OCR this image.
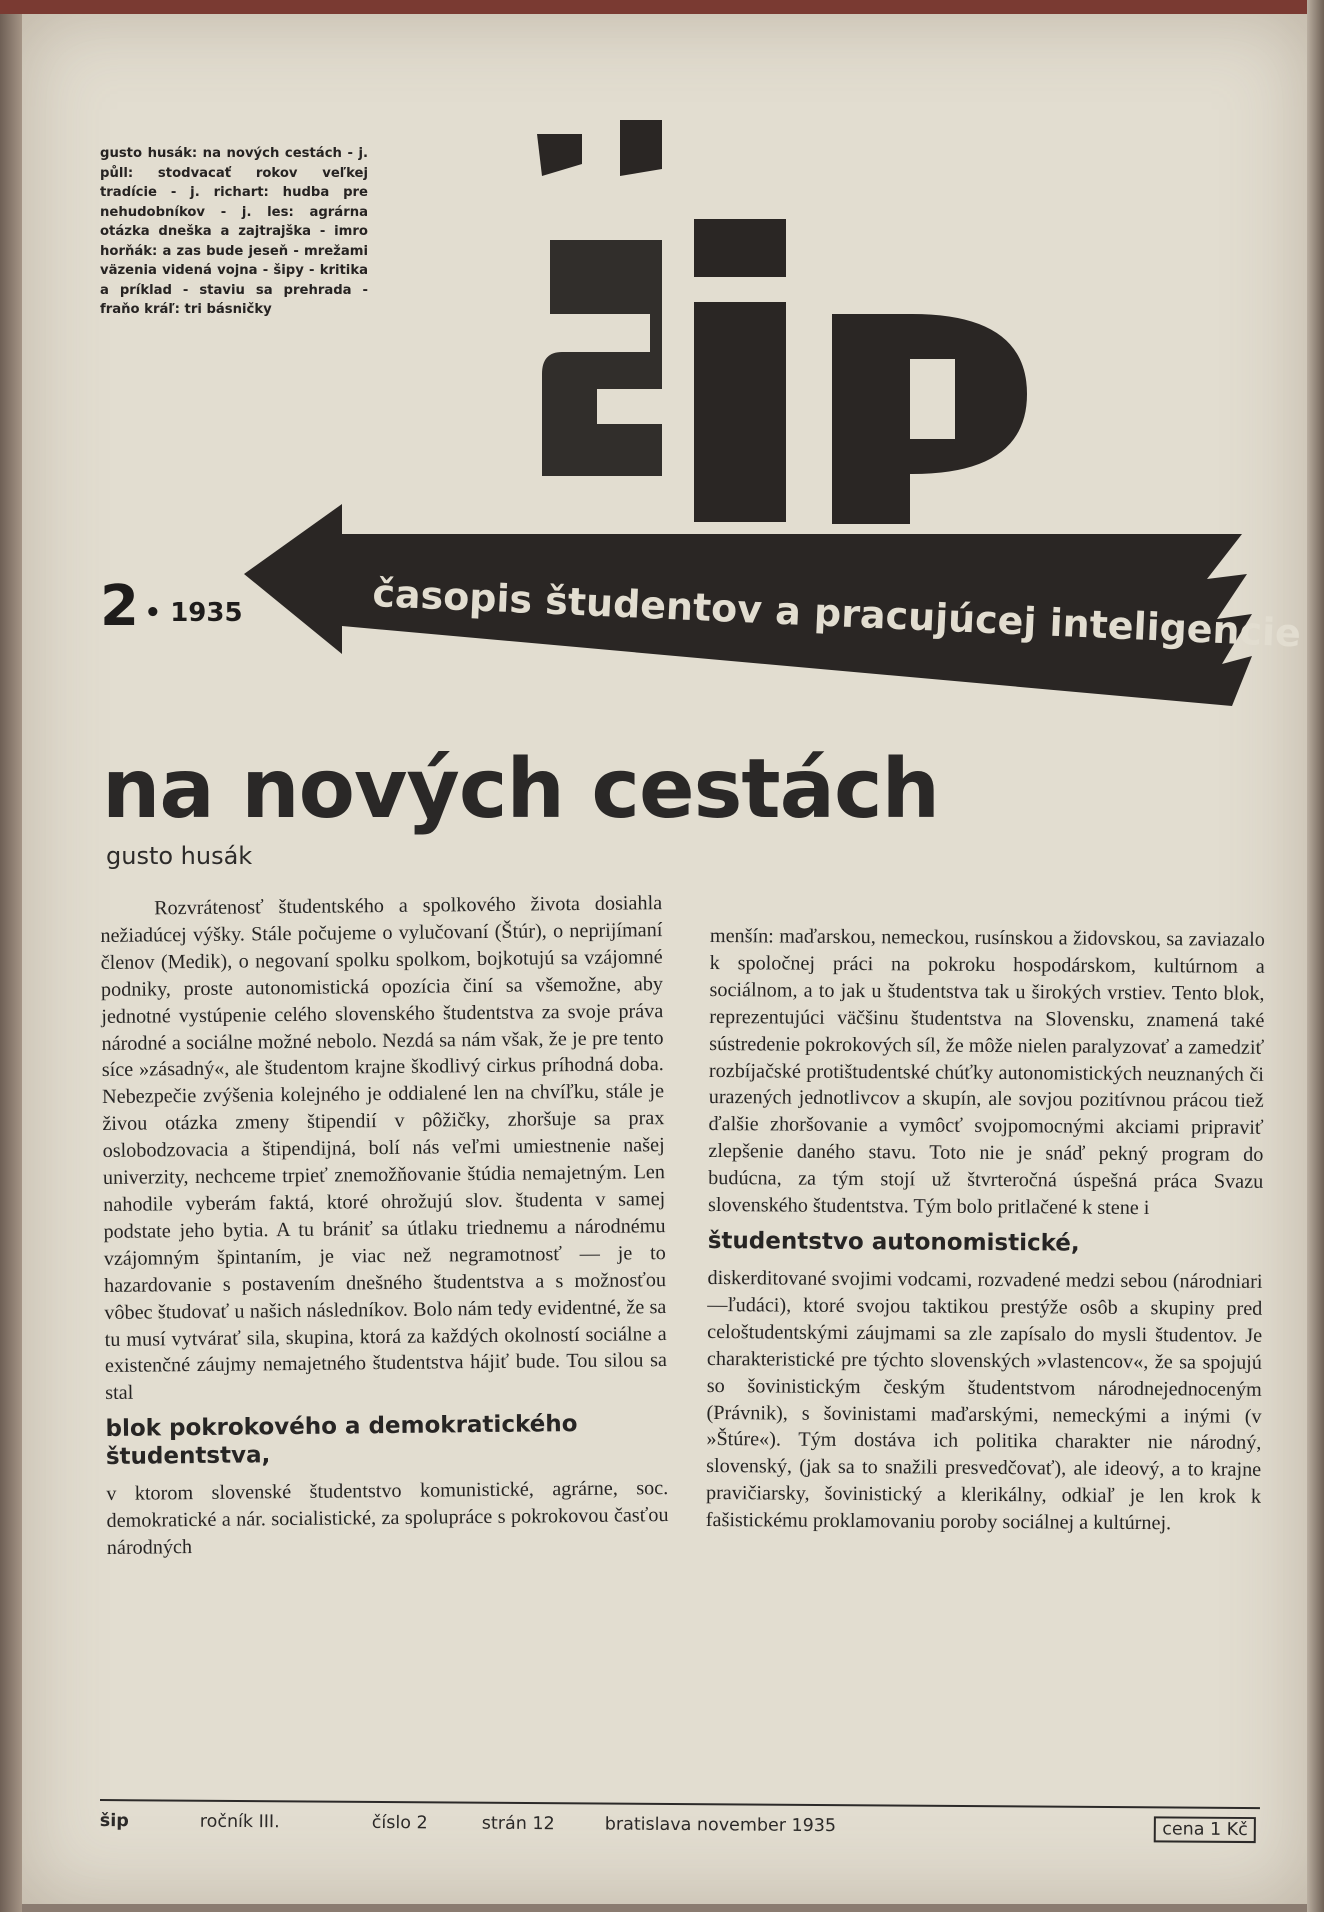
časopis študentov a pracujúcej inteligencie
gusto husák: na nových cestách - j. půll: stodvacať rokov veľkej tradície - j. richart: hudba pre nehudobníkov - j. les: agrárna otázka dneška a zajtrajška - imro horňák: a zas bude jeseň - mrežami väzenia videná vojna - šipy - kritika a príklad - staviu sa prehrada - fraňo kráľ: tri básničky
2 • 1935
na nových cestách
gusto husák

Rozvrátenosť študentského a spolkového života dosiahla nežiadúcej výšky. Stále počujeme o vylučovaní (Štúr), o neprijímaní členov (Medik), o negovaní spolku spolkom, bojkotujú sa vzájomné podniky, proste autonomistická opozícia činí sa všemožne, aby jednotné vystúpenie celého slovenského študentstva za svoje práva národné a sociálne možné nebolo. Nezdá sa nám však, že je pre tento síce »zásadný«, ale študentom krajne škodlivý cirkus príhodná doba. Nebezpečie zvýšenia kolejného je oddialené len na chvíľku, stále je živou otázka zmeny štipendií v pôžičky, zhoršuje sa prax oslobodzovacia a štipendijná, bolí nás veľmi umiestnenie našej univerzity, nechceme trpieť znemožňovanie štúdia nemajetným. Len nahodile vyberám faktá, ktoré ohrožujú slov. študenta v samej podstate jeho bytia. A tu brániť sa útlaku triednemu a národnému vzájomným špintaním, je viac než negramotnosť — je to hazardovanie s postavením dnešného študentstva a s možnosťou vôbec študovať u našich následníkov. Bolo nám tedy evidentné, že sa tu musí vytvárať sila, skupina, ktorá za každých okolností sociálne a existenčné záujmy nemajetného študentstva hájiť bude. Tou silou sa stal

blok pokrokového a demokratického študentstva,

v ktorom slovenské študentstvo komunistické, agrárne, soc. demokratické a nár. socialistické, za spolupráce s pokrokovou časťou národných

menšín: maďarskou, nemeckou, rusínskou a židovskou, sa zaviazalo k spoločnej práci na pokroku hospodárskom, kultúrnom a sociálnom, a to jak u študentstva tak u širokých vrstiev. Tento blok, reprezentujúci väčšinu študentstva na Slovensku, znamená také sústredenie pokrokových síl, že môže nielen paralyzovať a zamedziť rozbíjačské protištudentské chúťky autonomistických neuznaných či urazených jednotlivcov a skupín, ale sovjou pozitívnou prácou tiež ďalšie zhoršovanie a vymôcť svojpomocnými akciami pripraviť zlepšenie daného stavu. Toto nie je snáď pekný program do budúcna, za tým stojí už štvrteročná úspešná práca Svazu slovenského študentstva. Tým bolo pritlačené k stene i

študentstvo autonomistické,

diskerditované svojimi vodcami, rozvadené medzi sebou (národniari—ľudáci), ktoré svojou taktikou prestýže osôb a skupiny pred celoštudentskými záujmami sa zle zapísalo do mysli študentov. Je charakteristické pre týchto slovenských »vlastencov«, že sa spojujú so šovinistickým českým študentstvom národnejednoceným (Právnik), s šovinistami maďarskými, nemeckými a inými (v »Štúre«). Tým dostáva ich politika charakter nie národný, slovenský, (jak sa to snažili presvedčovať), ale ideový, a to krajne pravičiarsky, šovinistický a klerikálny, odkiaľ je len krok k fašistickému proklamovaniu poroby sociálnej a kultúrnej.

šip	ročník III.	číslo 2	strán 12	bratislava november 1935	cena 1 Kč
